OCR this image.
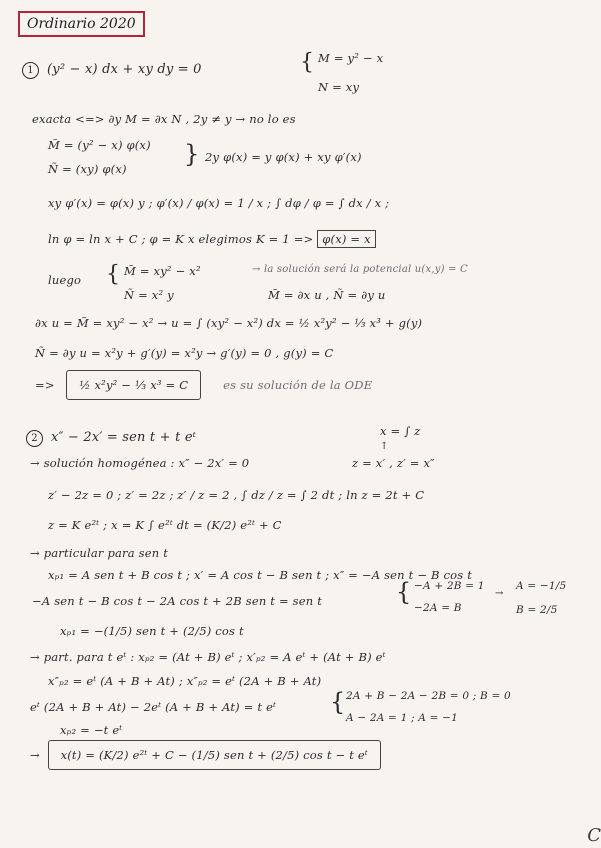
Ordinario 2020
1 (y² − x) dx + xy dy = 0	{ M = y² − x
N = xy
exacta <=> ∂y M = ∂x N , 2y ≠ y → no lo es
M̃ = (y² − x) φ(x)
Ñ = (xy) φ(x)
} 2y φ(x) = y φ(x) + xy φ′(x)
xy φ′(x) = φ(x) y ; φ′(x) / φ(x) = 1 / x ; ∫ dφ / φ = ∫ dx / x ;
ln φ = ln x + C ; φ = K x elegimos K = 1 => φ(x) = x
luego { M̃ = xy² − x²
Ñ = x² y
→ la solución será la potencial u(x,y) = C
M̃ = ∂x u , Ñ = ∂y u
∂x u = M̃ = xy² − x² → u = ∫ (xy² − x²) dx = ½ x²y² − ⅓ x³ + g(y)
Ñ = ∂y u = x²y + g′(y) = x²y → g′(y) = 0 , g(y) = C
=>   ½ x²y² − ⅓ x³ = C	es su solución de la ODE
2 x″ − 2x′ = sen t + t eᵗ	x = ∫ z
↑
z = x′ , z′ = x″
→ solución homogénea : x″ − 2x′ = 0
z′ − 2z = 0 ; z′ = 2z ; z′ / z = 2 , ∫ dz / z = ∫ 2 dt ; ln z = 2t + C
z = K e²ᵗ ; x = K ∫ e²ᵗ dt = (K/2) e²ᵗ + C
→ particular para sen t
xₚ₁ = A sen t + B cos t ; x′ = A cos t − B sen t ; x″ = −A sen t − B cos t
−A sen t − B cos t − 2A cos t + 2B sen t = sen t	{ −A + 2B = 1
−2A = B
→
A = −1/5
B = 2/5
xₚ₁ = −(1/5) sen t + (2/5) cos t
→ part. para t eᵗ : xₚ₂ = (At + B) eᵗ ; x′ₚ₂ = A eᵗ + (At + B) eᵗ
x″ₚ₂ = eᵗ (A + B + At) ; x″ₚ₂ = eᵗ (2A + B + At)
eᵗ (2A + B + At) − 2eᵗ (A + B + At) = t eᵗ { 2A + B − 2A − 2B = 0 ; B = 0
A − 2A = 1 ; A = −1
xₚ₂ = −t eᵗ
→  x(t) = (K/2) e²ᵗ + C − (1/5) sen t + (2/5) cos t − t eᵗ
C
